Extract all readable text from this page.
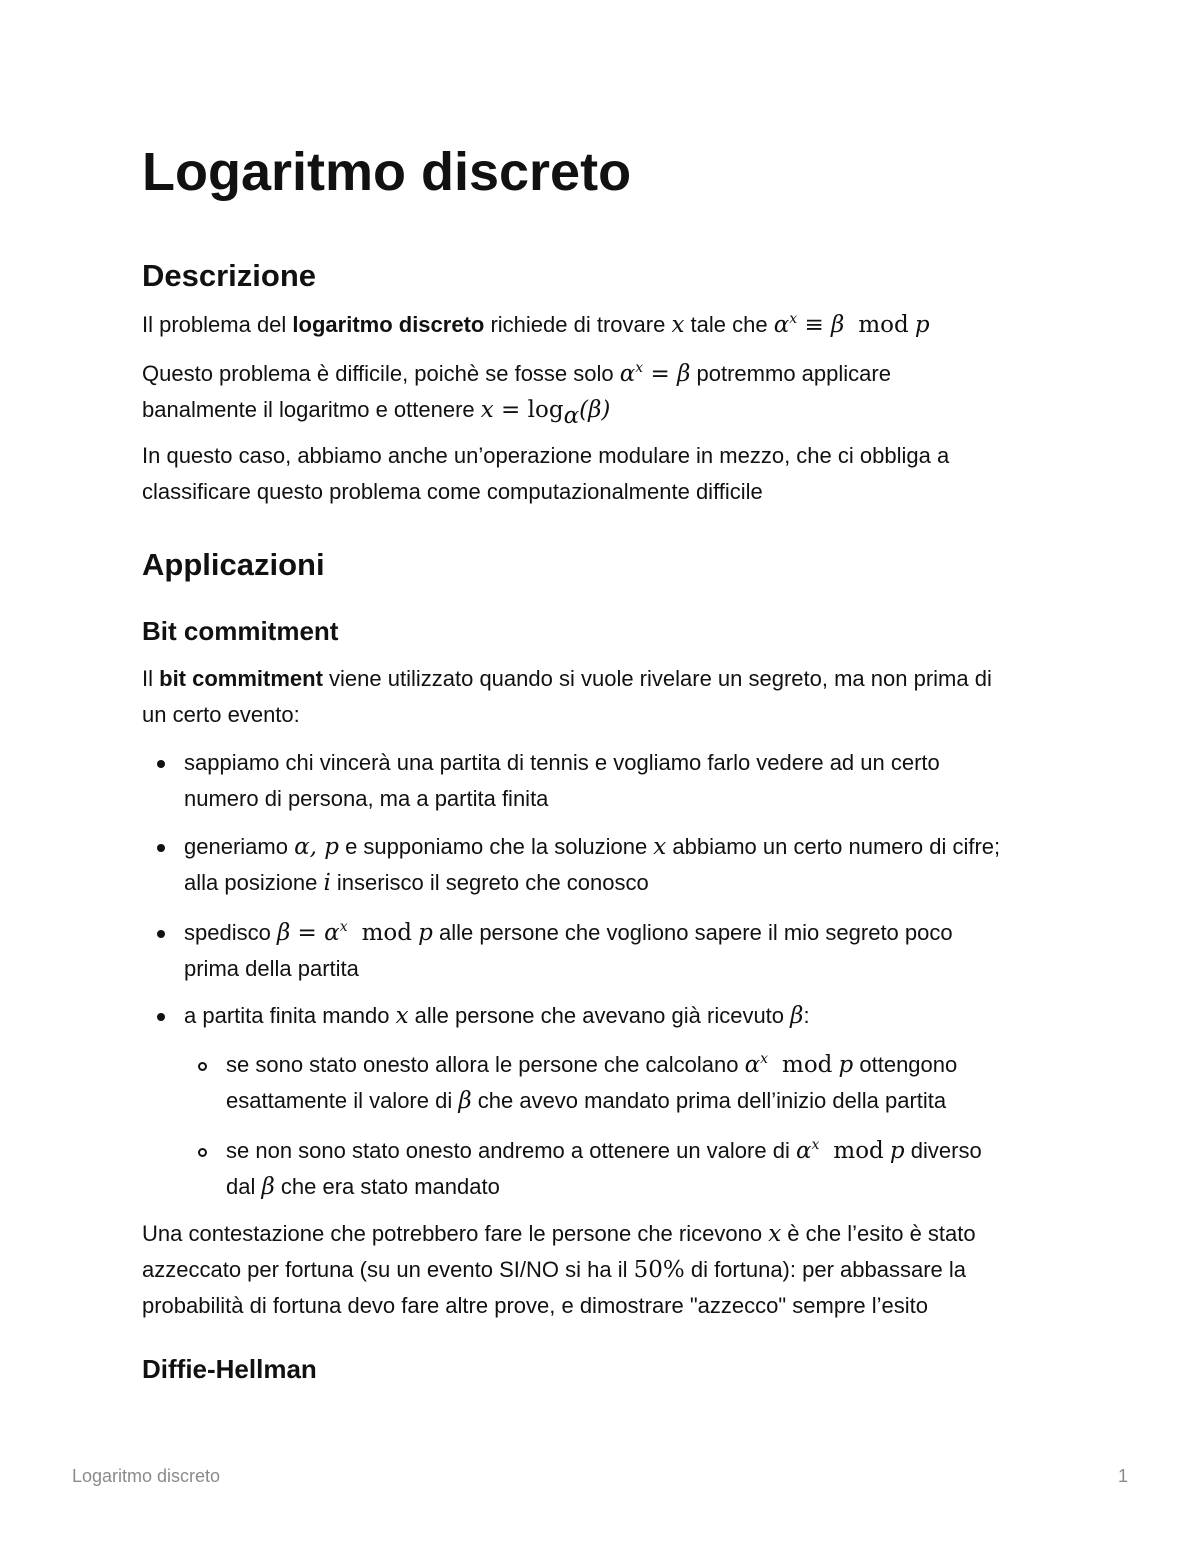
Logaritmo discreto
Descrizione
Il problema del logaritmo discreto richiede di trovare x tale che $\alpha^x \equiv \beta$ mod p
Questo problema è difficile, poichè se fosse solo $\alpha^x = \beta$ potremmo applicare
banalmente il logaritmo e ottenere $x = \log_\alpha(\beta)$
In questo caso, abbiamo anche un’operazione modulare in mezzo, che ci obbliga a
classificare questo problema come computazionalmente difficile
Applicazioni
Bit commitment
Il bit commitment viene utilizzato quando si vuole rivelare un segreto, ma non prima di
un certo evento:
sappiamo chi vincerà una partita di tennis e vogliamo farlo vedere ad un certo
numero di persona, ma a partita finita
generiamo α, p e supponiamo che la soluzione x abbiamo un certo numero di cifre;
alla posizione i inserisco il segreto che conosco
spedisco $\beta = \alpha^x$ mod p alle persone che vogliono sapere il mio segreto poco
prima della partita
a partita finita mando x alle persone che avevano già ricevuto β:
se sono stato onesto allora le persone che calcolano $\alpha^x$ mod p ottengono
esattamente il valore di β che avevo mandato prima dell’inizio della partita
se non sono stato onesto andremo a ottenere un valore di $\alpha^x$ mod p diverso
dal β che era stato mandato
Una contestazione che potrebbero fare le persone che ricevono x è che l’esito è stato
azzeccato per fortuna (su un evento SI/NO si ha il 50% di fortuna): per abbassare la
probabilità di fortuna devo fare altre prove, e dimostrare "azzecco" sempre l’esito
Diffie-Hellman
Logaritmo discreto	1
